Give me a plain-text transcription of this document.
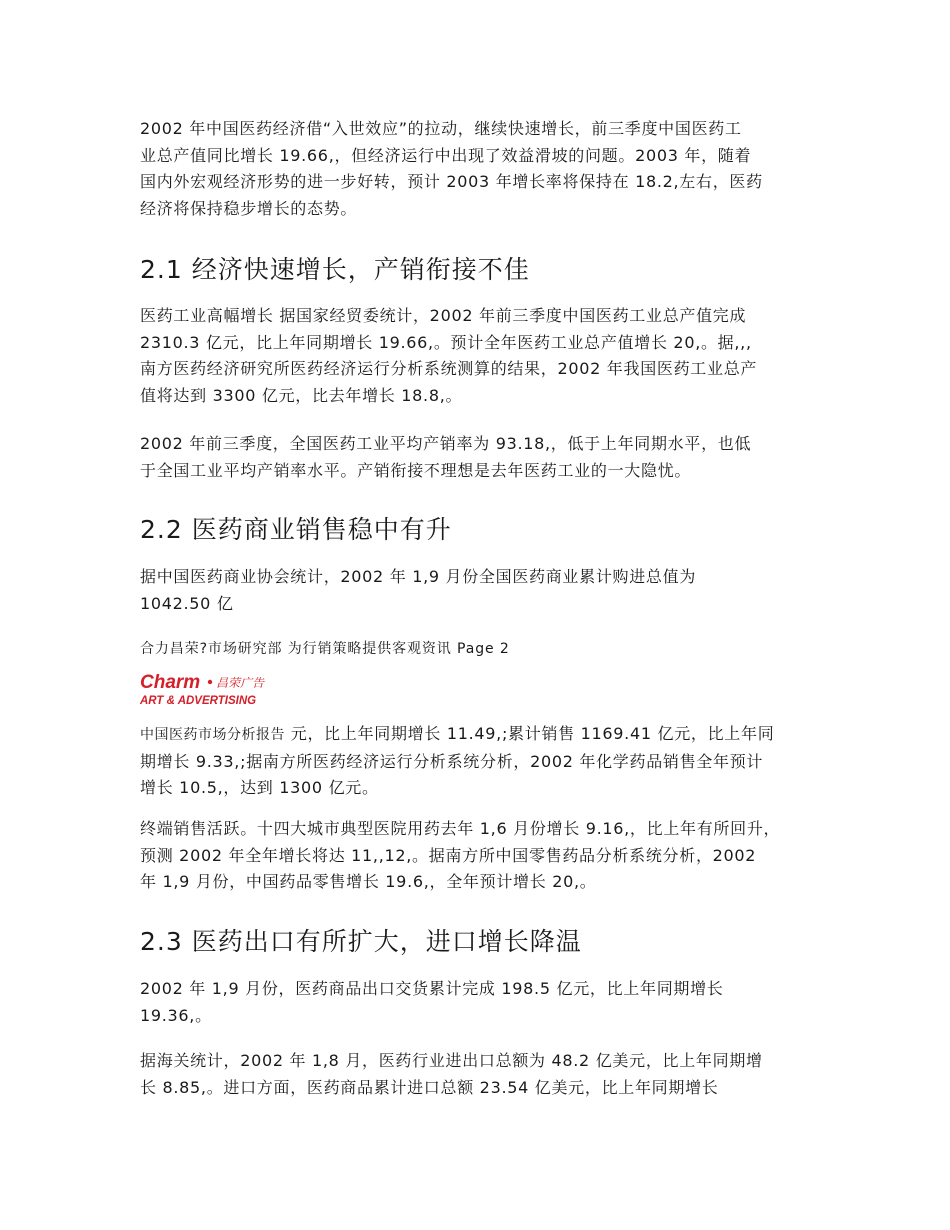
2002 年中国医药经济借“入世效应”的拉动，继续快速增长，前三季度中国医药工
业总产值同比增长 19.66,，但经济运行中出现了效益滑坡的问题。2003 年，随着
国内外宏观经济形势的进一步好转，预计 2003 年增长率将保持在 18.2,左右，医药
经济将保持稳步增长的态势。
2.1 经济快速增长，产销衔接不佳
医药工业高幅增长 据国家经贸委统计，2002 年前三季度中国医药工业总产值完成
2310.3 亿元，比上年同期增长 19.66,。预计全年医药工业总产值增长 20,。据,,,
南方医药经济研究所医药经济运行分析系统测算的结果，2002 年我国医药工业总产
值将达到 3300 亿元，比去年增长 18.8,。
2002 年前三季度，全国医药工业平均产销率为 93.18,，低于上年同期水平，也低
于全国工业平均产销率水平。产销衔接不理想是去年医药工业的一大隐忧。
2.2 医药商业销售稳中有升
据中国医药商业协会统计，2002 年 1,9 月份全国医药商业累计购进总值为
1042.50 亿
合力昌荣?市场研究部 为行销策略提供客观资讯 Page 2
Charm 昌荣广告
ART & ADVERTISING
中国医药市场分析报告 元，比上年同期增长 11.49,;累计销售 1169.41 亿元，比上年同
期增长 9.33,;据南方所医药经济运行分析系统分析，2002 年化学药品销售全年预计
增长 10.5,，达到 1300 亿元。
终端销售活跃。十四大城市典型医院用药去年 1,6 月份增长 9.16,，比上年有所回升，
预测 2002 年全年增长将达 11,,12,。据南方所中国零售药品分析系统分析，2002
年 1,9 月份，中国药品零售增长 19.6,，全年预计增长 20,。
2.3 医药出口有所扩大，进口增长降温
2002 年 1,9 月份，医药商品出口交货累计完成 198.5 亿元，比上年同期增长
19.36,。
据海关统计，2002 年 1,8 月，医药行业进出口总额为 48.2 亿美元，比上年同期增
长 8.85,。进口方面，医药商品累计进口总额 23.54 亿美元，比上年同期增长
